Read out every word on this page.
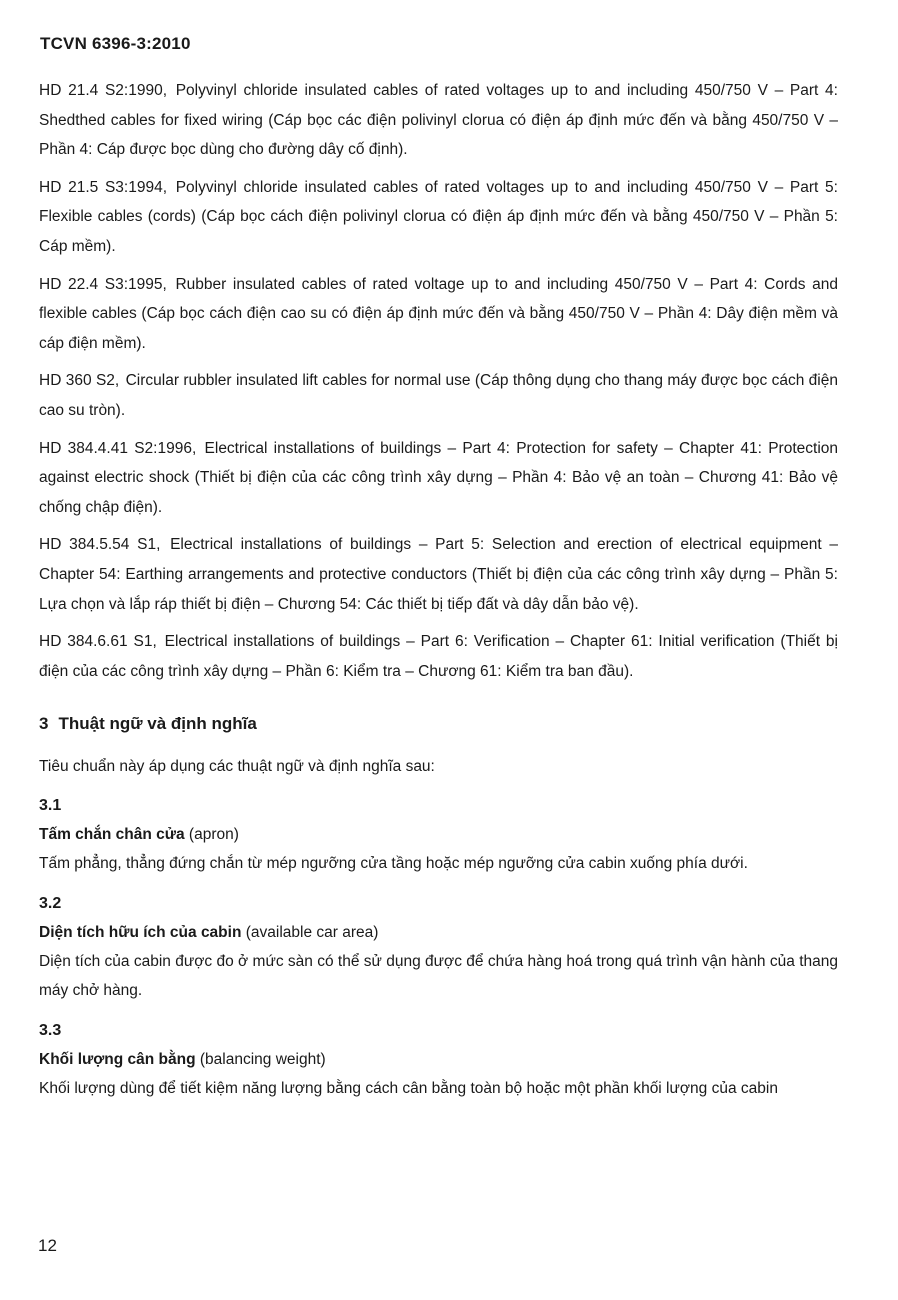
TCVN 6396-3:2010

HD 21.4 S2:1990, Polyvinyl chloride insulated cables of rated voltages up to and including 450/750 V – Part 4: Shedthed cables for fixed wiring (Cáp bọc các điện polivinyl clorua có điện áp định mức đến và bằng 450/750 V – Phần 4: Cáp được bọc dùng cho đường dây cố định).

HD 21.5 S3:1994, Polyvinyl chloride insulated cables of rated voltages up to and including 450/750 V – Part 5: Flexible cables (cords) (Cáp bọc cách điện polivinyl clorua có điện áp định mức đến và bằng 450/750 V – Phần 5: Cáp mềm).

HD 22.4 S3:1995, Rubber insulated cables of rated voltage up to and including 450/750 V – Part 4: Cords and flexible cables (Cáp bọc cách điện cao su có điện áp định mức đến và bằng 450/750 V – Phần 4: Dây điện mềm và cáp điện mềm).

HD 360 S2, Circular rubbler insulated lift cables for normal use (Cáp thông dụng cho thang máy được bọc cách điện cao su tròn).

HD 384.4.41 S2:1996, Electrical installations of buildings – Part 4: Protection for safety – Chapter 41: Protection against electric shock (Thiết bị điện của các công trình xây dựng – Phần 4: Bảo vệ an toàn – Chương 41: Bảo vệ chống chập điện).

HD 384.5.54 S1, Electrical installations of buildings – Part 5: Selection and erection of electrical equipment – Chapter 54: Earthing arrangements and protective conductors (Thiết bị điện của các công trình xây dựng – Phần 5: Lựa chọn và lắp ráp thiết bị điện – Chương 54: Các thiết bị tiếp đất và dây dẫn bảo vệ).

HD 384.6.61 S1, Electrical installations of buildings – Part 6: Verification – Chapter 61: Initial verification (Thiết bị điện của các công trình xây dựng – Phần 6: Kiểm tra – Chương 61: Kiểm tra ban đầu).

3 Thuật ngữ và định nghĩa
Tiêu chuẩn này áp dụng các thuật ngữ và định nghĩa sau:
3.1
Tấm chắn chân cửa (apron)
Tấm phẳng, thẳng đứng chắn từ mép ngưỡng cửa tầng hoặc mép ngưỡng cửa cabin xuống phía dưới.
3.2
Diện tích hữu ích của cabin (available car area)
Diện tích của cabin được đo ở mức sàn có thể sử dụng được để chứa hàng hoá trong quá trình vận hành của thang máy chở hàng.
3.3
Khối lượng cân bằng (balancing weight)
Khối lượng dùng để tiết kiệm năng lượng bằng cách cân bằng toàn bộ hoặc một phần khối lượng của cabin
12
